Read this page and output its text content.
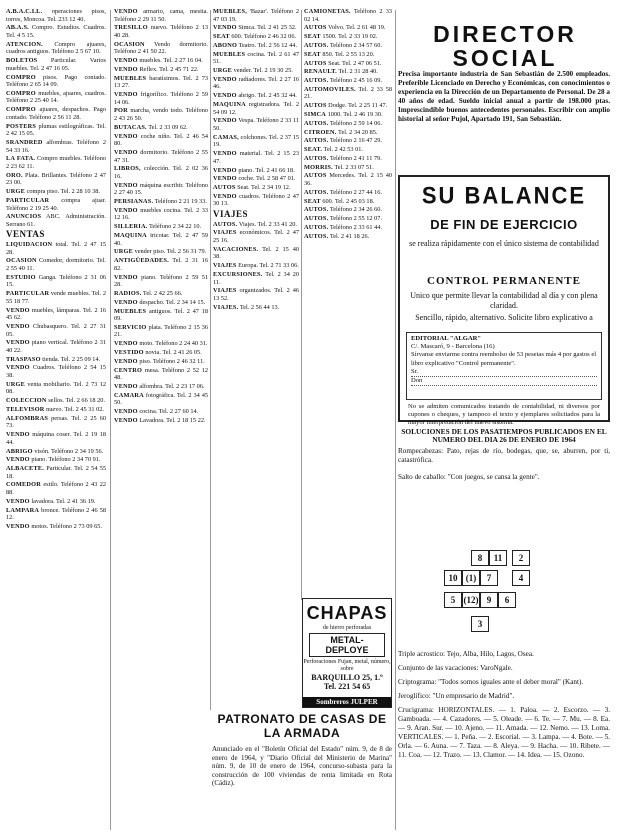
A.B.A.C.I.L. operaciones pisos, torres, Moncoa. Tel. 233 12 40.

AB.A.S. Compro. Estudios. Cuadros. Tel. 4 5 15.

ATENCION. Compro ajuares, cuadros antiguos. Teléfono 2 5 67 10.

BOLETOS Particular. Varios muebles. Tel. 2 47 16 05.

COMPRO pisos. Pago contado. Teléfono 2 65 14 09.

COMPRO muebles, ajuares, cuadros. Teléfono 2 25 40 14.

COMPRO ajuares, despachos. Pago contado. Teléfono 2 56 11 28.

POSTERS plumas estilográficas. Tel. 2 42 15 05.

SRANDRED alfombras. Teléfono 2 54 33 16.

LA FATA. Compro muebles. Teléfono 2 23 62 11.

ORO. Plata. Brillantes. Teléfono 2 47 23 00.

URGE compra piso. Tel. 2 28 10 38.

PARTICULAR compra ajuar. Teléfono 2 19 25 40.

ANUNCIOS ABC. Administración. Serrano 61.

VENTAS

LIQUIDACION total. Tel. 2 47 15 28.

OCASION Comedor, dormitorio. Tel. 2 55 40 11.

ESTUDIO Ganga. Teléfono 2 31 06 15.

PARTICULAR vende muebles. Tel. 2 55 18 77.

VENDO muebles, lámparas. Tel. 2 16 45 62.

VENDO Chubasquero. Tel. 2 27 31 05.

VENDO piano vertical. Teléfono 2 31 40 22.

TRASPASO tienda. Tel. 2 25 09 14.

VENDO Cuadros. Teléfono 2 54 15 38.

URGE venta mobiliario. Tel. 2 73 12 08.

COLECCION sellos. Tel. 2 66 18 20.

TELEVISOR nuevo. Tel. 2 45 31 02.

ALFOMBRAS persas. Tel. 2 25 60 73.

VENDO máquina coser. Tel. 2 19 18 44.

ABRIGO visón. Teléfono 2 34 19 56.

VENDO piano. Teléfono 2 34 70 91.

ALBACETE. Particular. Tel. 2 54 55 18.

COMEDOR estilo. Teléfono 2 43 22 88.

VENDO lavadora. Tel. 2 41 36 19.

LAMPARA bronce. Teléfono 2 46 58 12.

VENDO motos. Teléfono 2 73 09 65.

VENDO armario, cama, mesita. Teléfono 2 29 11 50.

TRESILLO nuevo. Teléfono 2 13 40 28.

OCASION Vendo dormitorio. Teléfono 2 41 50 22.

VENDO muebles. Tel. 2 27 16 04.

VENDO Reflex. Tel. 2 45 71 22.

MUEBLES baratísimos. Tel. 2 73 13 27.

VENDO frigorífico. Teléfono 2 59 14 06.

POR marcha, vendo todo. Teléfono 2 43 26 50.

BUTACAS. Tel. 2 33 09 62.

VENDO coche niño. Tel. 2 46 54 80.

VENDO dormitorio. Teléfono 2 55 47 31.

LIBROS, colección. Tel. 2 02 36 16.

VENDO máquina escribir. Teléfono 2 27 40 15.

PERSIANAS. Teléfono 2 21 19 33.

VENDO muebles cocina. Tel. 2 33 12 16.

SILLERIA. Teléfono 2 34 22 10.

MAQUINA tricotar. Tel. 2 47 59 40.

URGE vender piso. Tel. 2 56 31 79.

ANTIGÜEDADES. Tel. 2 31 16 82.

VENDO piano. Teléfono 2 59 51 28.

RADIOS. Tel. 2 42 25 66.

VENDO despacho. Tel. 2 34 14 15.

MUEBLES antiguos. Tel. 2 47 18 09.

SERVICIO plata. Teléfono 2 15 36 21.

VENDO moto. Teléfono 2 24 40 31.

VESTIDO novia. Tel. 2 41 26 05.

VENDO piso. Teléfono 2 46 32 11.

CENTRO mesa. Teléfono 2 52 12 48.

VENDO alfombra. Tel. 2 23 17 06.

CAMARA fotográfica. Tel. 2 34 45 50.

VENDO cocina. Tel. 2 27 60 14.

VENDO Lavadora. Tel. 2 18 15 22.

MUEBLES, 'Bazar'. Teléfono 2 47 03 19.

VENDO Simca. Tel. 2 41 25 32.

SEAT 600. Teléfono 2 46 32 06.

ABONO Teatro. Tel. 2 56 12 44.

MUEBLES cocina. Tel. 2 61 47 51.

URGE vender. Tel. 2 19 30 25.

VENDO radiadores. Tel. 2 27 16 46.

VENDO abrigo. Tel. 2 45 32 44.

MAQUINA registradora. Tel. 2 54 09 12.

VENDO Vespa. Teléfono 2 33 11 50.

CAMAS, colchones. Tel. 2 37 15 19.

VENDO material. Tel. 2 15 23 47.

VENDO piano. Tel. 2 41 66 18.

VENDO coche. Tel. 2 58 47 01.

AUTOS Seat. Tel. 2 34 19 12.

VENDO cuadros. Teléfono 2 47 30 13.

VIAJES

AUTOS. Viajes. Tel. 2 33 41 20.

VIAJES económicos. Tel. 2 47 25 16.

VACACIONES. Tel. 2 15 40 38.

VIAJES Europa. Tel. 2 71 33 06.

EXCURSIONES. Tel. 2 34 20 11.

VIAJES organizados. Tel. 2 46 13 52.

VIAJES. Tel. 2 56 44 13.

CAMIONETAS. Teléfono 2 33 02 14.

AUTOS Volvo. Tel. 2 61 48 19.

SEAT 1500. Tel. 2 33 19 02.

AUTOS. Teléfono 2 34 57 60.

SEAT 850. Tel. 2 55 13 20.

AUTOS Seat. Tel. 2 47 06 51.

RENAULT. Tel. 2 31 28 40.

AUTOS. Teléfono 2 45 16 09.

AUTOMOVILES. Tel. 2 33 58 21.

AUTOS Dodge. Tel. 2 25 11 47.

SIMCA 1000. Tel. 2 46 19 30.

AUTOS. Teléfono 2 59 14 06.

CITROEN. Tel. 2 34 20 85.

AUTOS. Teléfono 2 16 47 29.

SEAT. Tel. 2 42 53 01.

AUTOS. Teléfono 2 41 11 79.

MORRIS. Tel. 2 33 07 51.

AUTOS Mercedes. Tel. 2 15 40 36.

AUTOS. Teléfono 2 27 44 16.

SEAT 600. Tel. 2 45 03 18.

AUTOS. Teléfono 2 34 26 60.

AUTOS. Teléfono 2 55 12 07.

AUTOS. Teléfono 2 33 61 44.

AUTOS. Tel. 2 41 18 26.

DIRECTOR
SOCIAL
Precisa importante industria de San Sebastián de 2.500 empleados. Preferible Licenciado en Derecho y Económicas, con conocimientos o experiencia en la Dirección de un Departamento de Personal. De 28 a 40 años de edad. Sueldo inicial anual a partir de 198.000 ptas. Imprescindible buenos antecedentes personales. Escribir con amplio historial al señor Pujol, Apartado 191, San Sebastián.
SU BALANCE
DE FIN DE EJERCICIO
se realiza rápidamente con el único sistema de contabilidad
CONTROL PERMANENTE
Unico que permite llevar la contabilidad al día y con plena claridad.
Sencillo, rápido, alternativo. Solicite libro explicativo a
EDITORIAL "ALGAR"
C/. Mascaró, 9 - Barcelona (16)
Sírvanse enviarme contra reembolso de 53 pesetas más 4 por gastos el libro explicativo "Control permanente".
Sr.
Don
No se admiten comunicados tratando de contabilidad, ni diversos por cupones o cheques, y tampoco el texto y ejemplares solicitados para la mayor interpretación del nuevo sistema.
SOLUCIONES DE LOS PASATIEMPOS PUBLICADOS EN EL NUMERO DEL DIA 26 DE ENERO DE 1964
Rompecabezas: Pato, rejas de río, bodegas, que, se, aburren, por ti, catastrófica.
Salto de caballo: "Con juegos, se cansa la gente".
8	11
10 (1)	7
5 (12) 9	6
3
4
2
Triple acrostico: Tejo, Alba, Hilo, Lagos, Osea.
Conjunto de las vacaciones: VaroNgale.
Criptograma: "Todos somos iguales ante el deber moral" (Kant).
Jeroglífico: "Un empresario de Madrid".
Crucigrama: HORIZONTALES. — 1. Paloa. — 2. Escorzo. — 3. Gamboada. — 4. Cazadores. — 5. Oleade. — 6. Te. — 7. Mu. — 8. Ea. — 9. Aran. Sur. — 10. Ajeno. — 11. Amada. — 12. Nemo. — 13. Loma. VERTICALES. — 1. Peña. — 2. Escorial. — 3. Lampa. — 4. Bote. — 5. Orla. — 6. Auna. — 7. Taza. — 8. Aleya. — 9. Hacha. — 10. Ribete. — 11. Coa. — 12. Trazo. — 13. Clamor. — 14. Idea. — 15. Ozono.
CHAPAS
de hierro perforadas
METAL-DEPLOYE
Perforaciones Fujan, metal, número, sobre
BARQUILLO 25, 1.º
Tel. 221 54 65
Sombreros JULPER
PATRONATO DE CASAS DE LA ARMADA
Anunciado en el "Boletín Oficial del Estado" núm. 9, de 8 de enero de 1964, y "Diario Oficial del Ministerio de Marina" núm. 9, de 10 de enero de 1964, concurso-subasta para la construcción de 100 viviendas de renta limitada en Rota (Cádiz).
